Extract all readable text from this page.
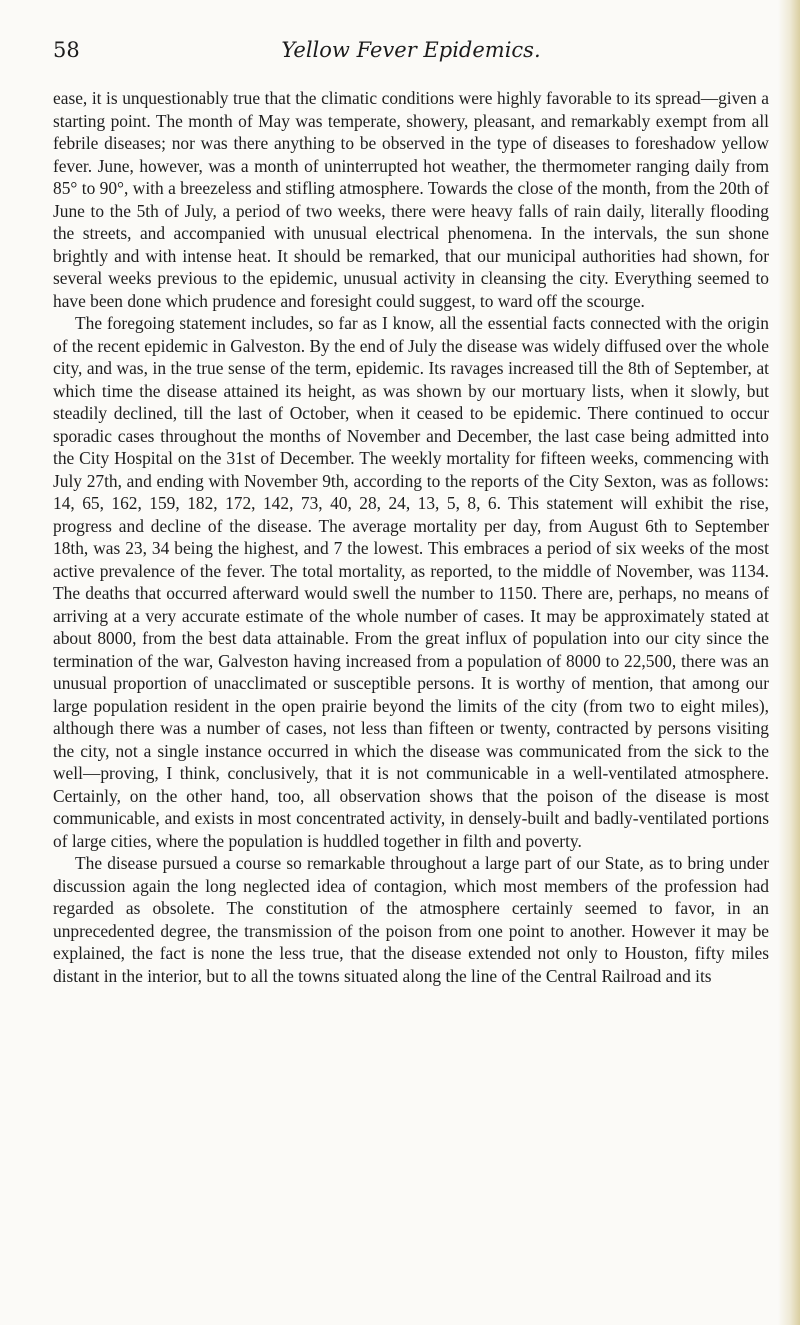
58	Yellow Fever Epidemics.

ease, it is unquestionably true that the climatic conditions were highly favorable to its spread—given a starting point. The month of May was temperate, showery, pleasant, and remarkably exempt from all febrile diseases; nor was there anything to be observed in the type of diseases to foreshadow yellow fever. June, however, was a month of uninterrupted hot weather, the thermometer ranging daily from 85° to 90°, with a breezeless and stifling atmosphere. Towards the close of the month, from the 20th of June to the 5th of July, a period of two weeks, there were heavy falls of rain daily, literally flooding the streets, and accompanied with unusual electrical phenomena. In the intervals, the sun shone brightly and with intense heat. It should be remarked, that our municipal authorities had shown, for several weeks previous to the epidemic, unusual activity in cleansing the city. Everything seemed to have been done which prudence and foresight could suggest, to ward off the scourge.

The foregoing statement includes, so far as I know, all the essential facts connected with the origin of the recent epidemic in Galveston. By the end of July the disease was widely diffused over the whole city, and was, in the true sense of the term, epidemic. Its ravages increased till the 8th of September, at which time the disease attained its height, as was shown by our mortuary lists, when it slowly, but steadily declined, till the last of October, when it ceased to be epidemic. There continued to occur sporadic cases throughout the months of November and December, the last case being admitted into the City Hospital on the 31st of December. The weekly mortality for fifteen weeks, commencing with July 27th, and ending with November 9th, according to the reports of the City Sexton, was as follows: 14, 65, 162, 159, 182, 172, 142, 73, 40, 28, 24, 13, 5, 8, 6. This statement will exhibit the rise, progress and decline of the disease. The average mortality per day, from August 6th to September 18th, was 23, 34 being the highest, and 7 the lowest. This embraces a period of six weeks of the most active prevalence of the fever. The total mortality, as reported, to the middle of November, was 1134. The deaths that occurred afterward would swell the number to 1150. There are, perhaps, no means of arriving at a very accurate estimate of the whole number of cases. It may be approximately stated at about 8000, from the best data attainable. From the great influx of population into our city since the termination of the war, Galveston having increased from a population of 8000 to 22,500, there was an unusual proportion of unacclimated or susceptible persons. It is worthy of mention, that among our large population resident in the open prairie beyond the limits of the city (from two to eight miles), although there was a number of cases, not less than fifteen or twenty, contracted by persons visiting the city, not a single instance occurred in which the disease was communicated from the sick to the well—proving, I think, conclusively, that it is not communicable in a well-ventilated atmosphere. Certainly, on the other hand, too, all observation shows that the poison of the disease is most communicable, and exists in most concentrated activity, in densely-built and badly-ventilated portions of large cities, where the population is huddled together in filth and poverty.

The disease pursued a course so remarkable throughout a large part of our State, as to bring under discussion again the long neglected idea of contagion, which most members of the profession had regarded as obsolete. The constitution of the atmosphere certainly seemed to favor, in an unprecedented degree, the transmission of the poison from one point to another. However it may be explained, the fact is none the less true, that the disease extended not only to Houston, fifty miles distant in the interior, but to all the towns situated along the line of the Central Railroad and its
